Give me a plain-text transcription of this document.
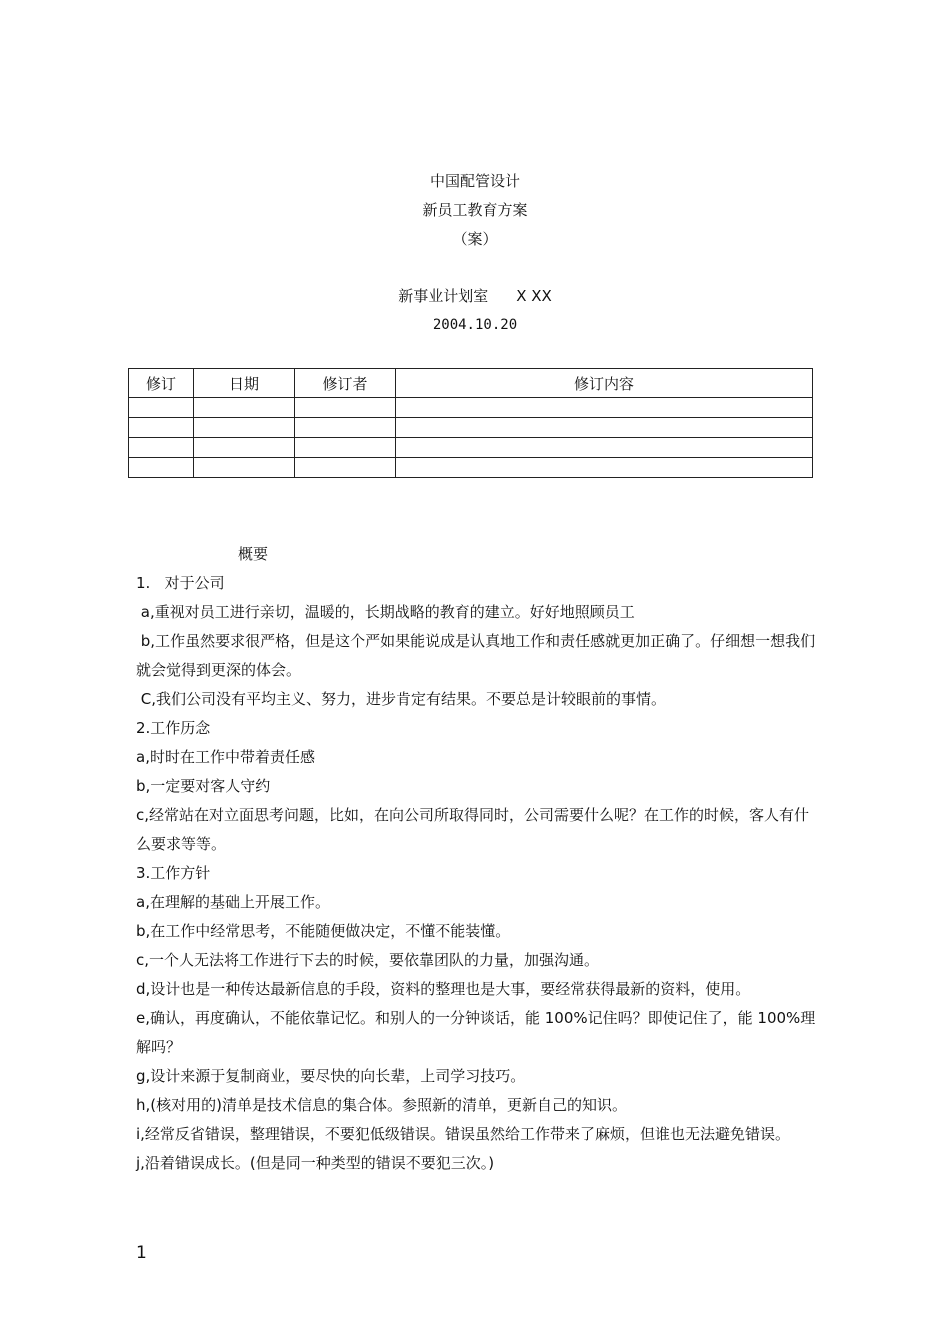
中国配管设计
新员工教育方案
（案）
新事业计划室 X XX
2004.10.20
修订	日期	修订者	修订内容

概要

1.   对于公司

a,重视对员工进行亲切，温暖的，长期战略的教育的建立。好好地照顾员工

b,工作虽然要求很严格，但是这个严如果能说成是认真地工作和责任感就更加正确了。仔细想一想我们就会觉得到更深的体会。

C,我们公司没有平均主义、努力，进步肯定有结果。不要总是计较眼前的事情。

2.工作历念

a,时时在工作中带着责任感

b,一定要对客人守约

c,经常站在对立面思考问题，比如，在向公司所取得同时，公司需要什么呢？在工作的时候，客人有什么要求等等。

3.工作方针

a,在理解的基础上开展工作。

b,在工作中经常思考，不能随便做决定，不懂不能装懂。

c,一个人无法将工作进行下去的时候，要依靠团队的力量，加强沟通。

d,设计也是一种传达最新信息的手段，资料的整理也是大事，要经常获得最新的资料，使用。

e,确认，再度确认，不能依靠记忆。和别人的一分钟谈话，能 100%记住吗？即使记住了，能 100%理解吗？

g,设计来源于复制商业，要尽快的向长辈，上司学习技巧。

h,(核对用的)清单是技术信息的集合体。参照新的清单，更新自己的知识。

i,经常反省错误，整理错误，不要犯低级错误。错误虽然给工作带来了麻烦，但谁也无法避免错误。

j,沿着错误成长。(但是同一种类型的错误不要犯三次。)

1
